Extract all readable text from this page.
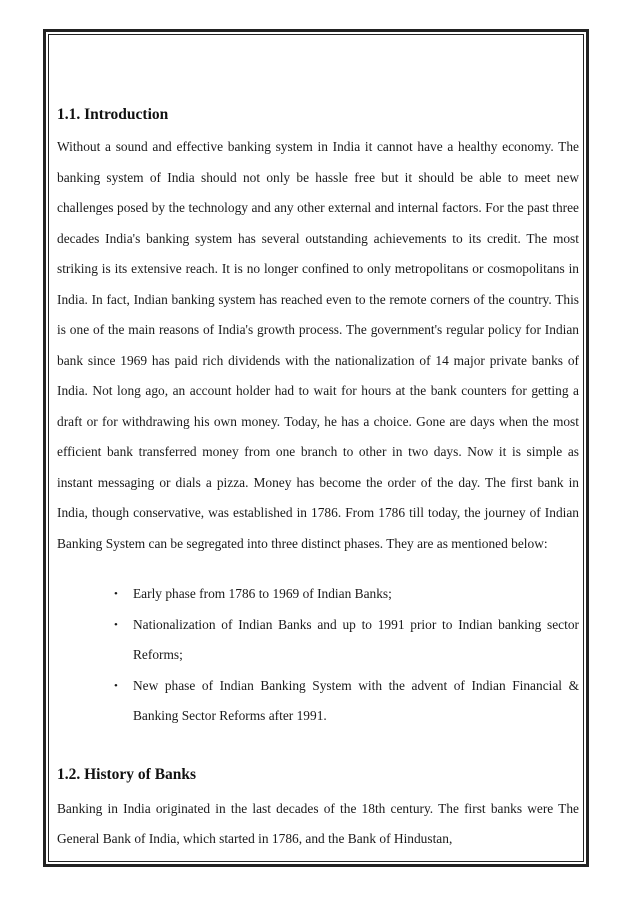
1.1. Introduction

Without a sound and effective banking system in India it cannot have a healthy economy. The banking system of India should not only be hassle free but it should be able to meet new challenges posed by the technology and any other external and internal factors. For the past three decades India's banking system has several outstanding achievements to its credit. The most striking is its extensive reach. It is no longer confined to only metropolitans or cosmopolitans in India. In fact, Indian banking system has reached even to the remote corners of the country. This is one of the main reasons of India's growth process. The government's regular policy for Indian bank since 1969 has paid rich dividends with the nationalization of 14 major private banks of India. Not long ago, an account holder had to wait for hours at the bank counters for getting a draft or for withdrawing his own money. Today, he has a choice. Gone are days when the most efficient bank transferred money from one branch to other in two days. Now it is simple as instant messaging or dials a pizza. Money has become the order of the day. The first bank in India, though conservative, was established in 1786. From 1786 till today, the journey of Indian Banking System can be segregated into three distinct phases. They are as mentioned below:

• Early phase from 1786 to 1969 of Indian Banks;
• Nationalization of Indian Banks and up to 1991 prior to Indian banking sector Reforms;
• New phase of Indian Banking System with the advent of Indian Financial & Banking Sector Reforms after 1991.
1.2. History of Banks

Banking in India originated in the last decades of the 18th century. The first banks were The General Bank of India, which started in 1786, and the Bank of Hindustan,
